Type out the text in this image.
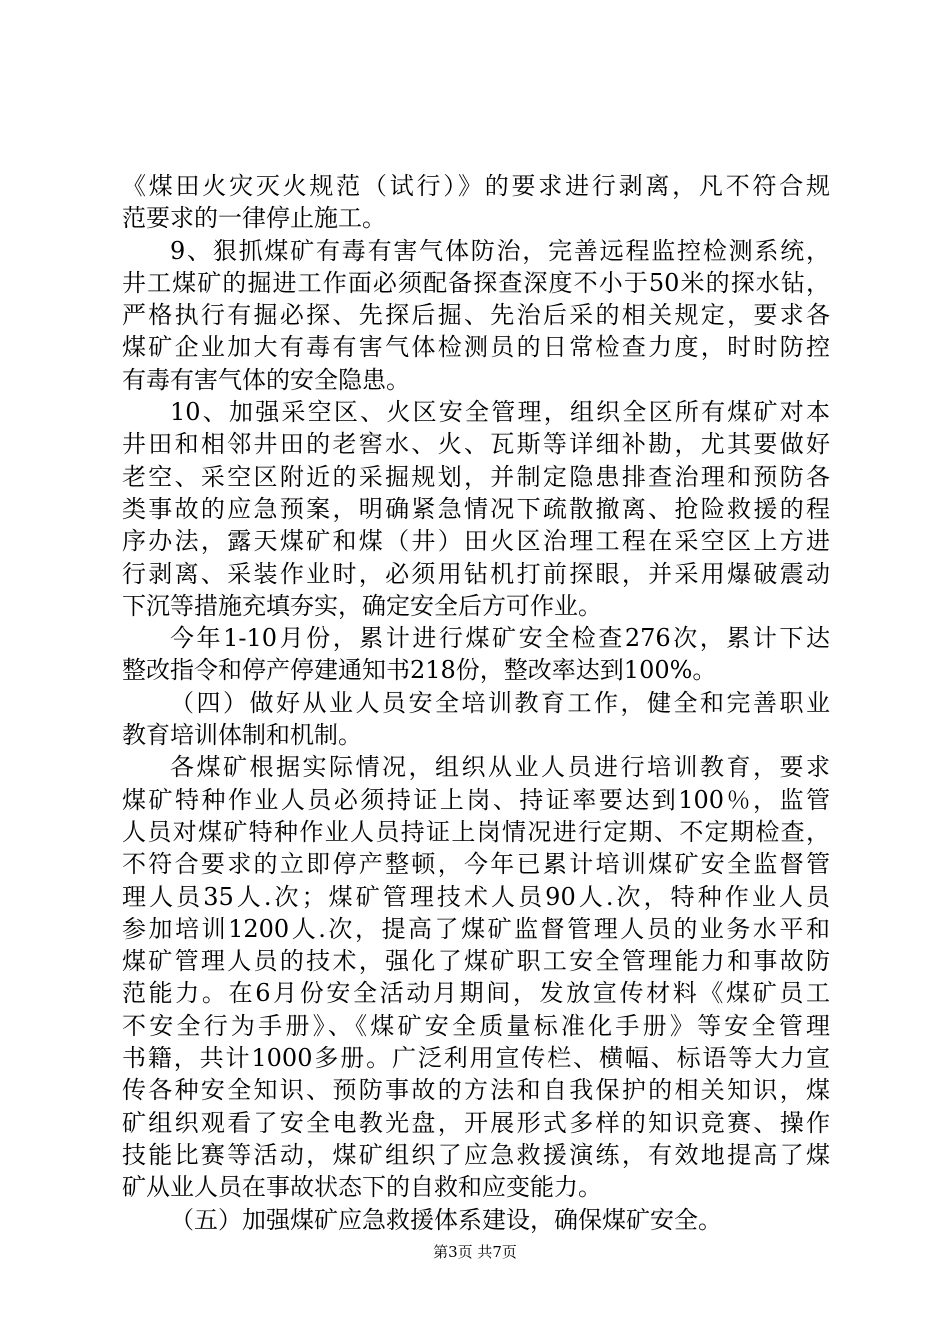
《煤田火灾灭火规范（试行）》的要求进行剥离，凡不符合规
范要求的一律停止施工。
9、狠抓煤矿有毒有害气体防治，完善远程监控检测系统，
井工煤矿的掘进工作面必须配备探查深度不小于50米的探水钻，
严格执行有掘必探、先探后掘、先治后采的相关规定，要求各
煤矿企业加大有毒有害气体检测员的日常检查力度，时时防控
有毒有害气体的安全隐患。
10、加强采空区、火区安全管理，组织全区所有煤矿对本
井田和相邻井田的老窖水、火、瓦斯等详细补勘，尤其要做好
老空、采空区附近的采掘规划，并制定隐患排查治理和预防各
类事故的应急预案，明确紧急情况下疏散撤离、抢险救援的程
序办法，露天煤矿和煤（井）田火区治理工程在采空区上方进
行剥离、采装作业时，必须用钻机打前探眼，并采用爆破震动
下沉等措施充填夯实，确定安全后方可作业。
今年1-10月份，累计进行煤矿安全检查276次，累计下达
整改指令和停产停建通知书218份，整改率达到100%。
（四）做好从业人员安全培训教育工作，健全和完善职业
教育培训体制和机制。
各煤矿根据实际情况，组织从业人员进行培训教育，要求
煤矿特种作业人员必须持证上岗、持证率要达到100％，监管
人员对煤矿特种作业人员持证上岗情况进行定期、不定期检查，
不符合要求的立即停产整顿，今年已累计培训煤矿安全监督管
理人员35人.次；煤矿管理技术人员90人.次，特种作业人员
参加培训1200人.次，提高了煤矿监督管理人员的业务水平和
煤矿管理人员的技术，强化了煤矿职工安全管理能力和事故防
范能力。在6月份安全活动月期间，发放宣传材料《煤矿员工
不安全行为手册》、《煤矿安全质量标准化手册》等安全管理
书籍，共计1000多册。广泛利用宣传栏、横幅、标语等大力宣
传各种安全知识、预防事故的方法和自我保护的相关知识，煤
矿组织观看了安全电教光盘，开展形式多样的知识竞赛、操作
技能比赛等活动，煤矿组织了应急救援演练，有效地提高了煤
矿从业人员在事故状态下的自救和应变能力。
（五）加强煤矿应急救援体系建设，确保煤矿安全。
第3页 共7页
